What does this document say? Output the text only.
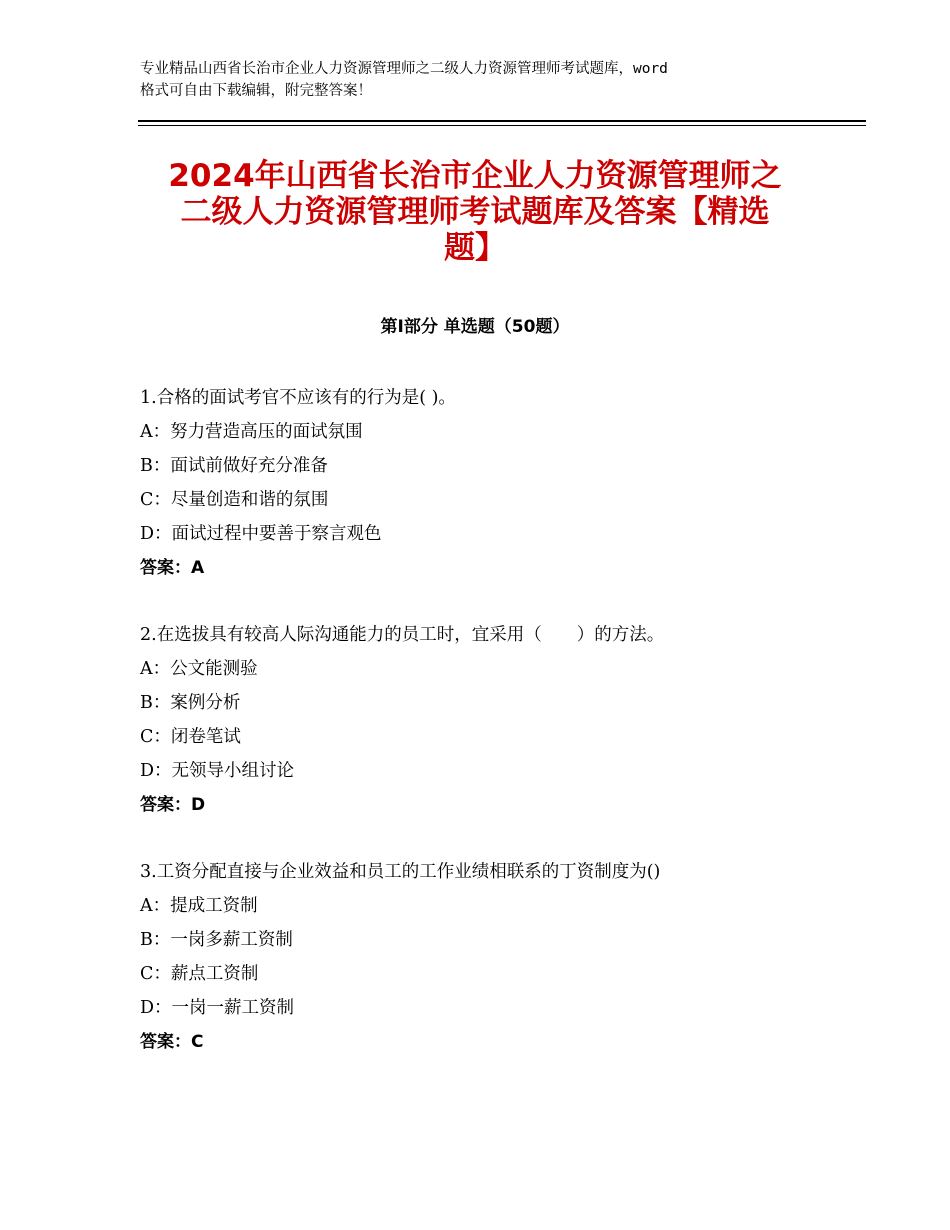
专业精品山西省长治市企业人力资源管理师之二级人力资源管理师考试题库，word
格式可自由下载编辑，附完整答案！
2024年山西省长治市企业人力资源管理师之
二级人力资源管理师考试题库及答案【精选
题】
第Ⅰ部分 单选题（50题）
1.合格的面试考官不应该有的行为是( )。
A：努力营造高压的面试氛围
B：面试前做好充分准备
C：尽量创造和谐的氛围
D：面试过程中要善于察言观色
答案：A
2.在选拔具有较高人际沟通能力的员工时，宜采用（　　）的方法。
A：公文能测验
B：案例分析
C：闭卷笔试
D：无领导小组讨论
答案：D
3.工资分配直接与企业效益和员工的工作业绩相联系的丁资制度为()
A：提成工资制
B：一岗多薪工资制
C：薪点工资制
D：一岗一薪工资制
答案：C
